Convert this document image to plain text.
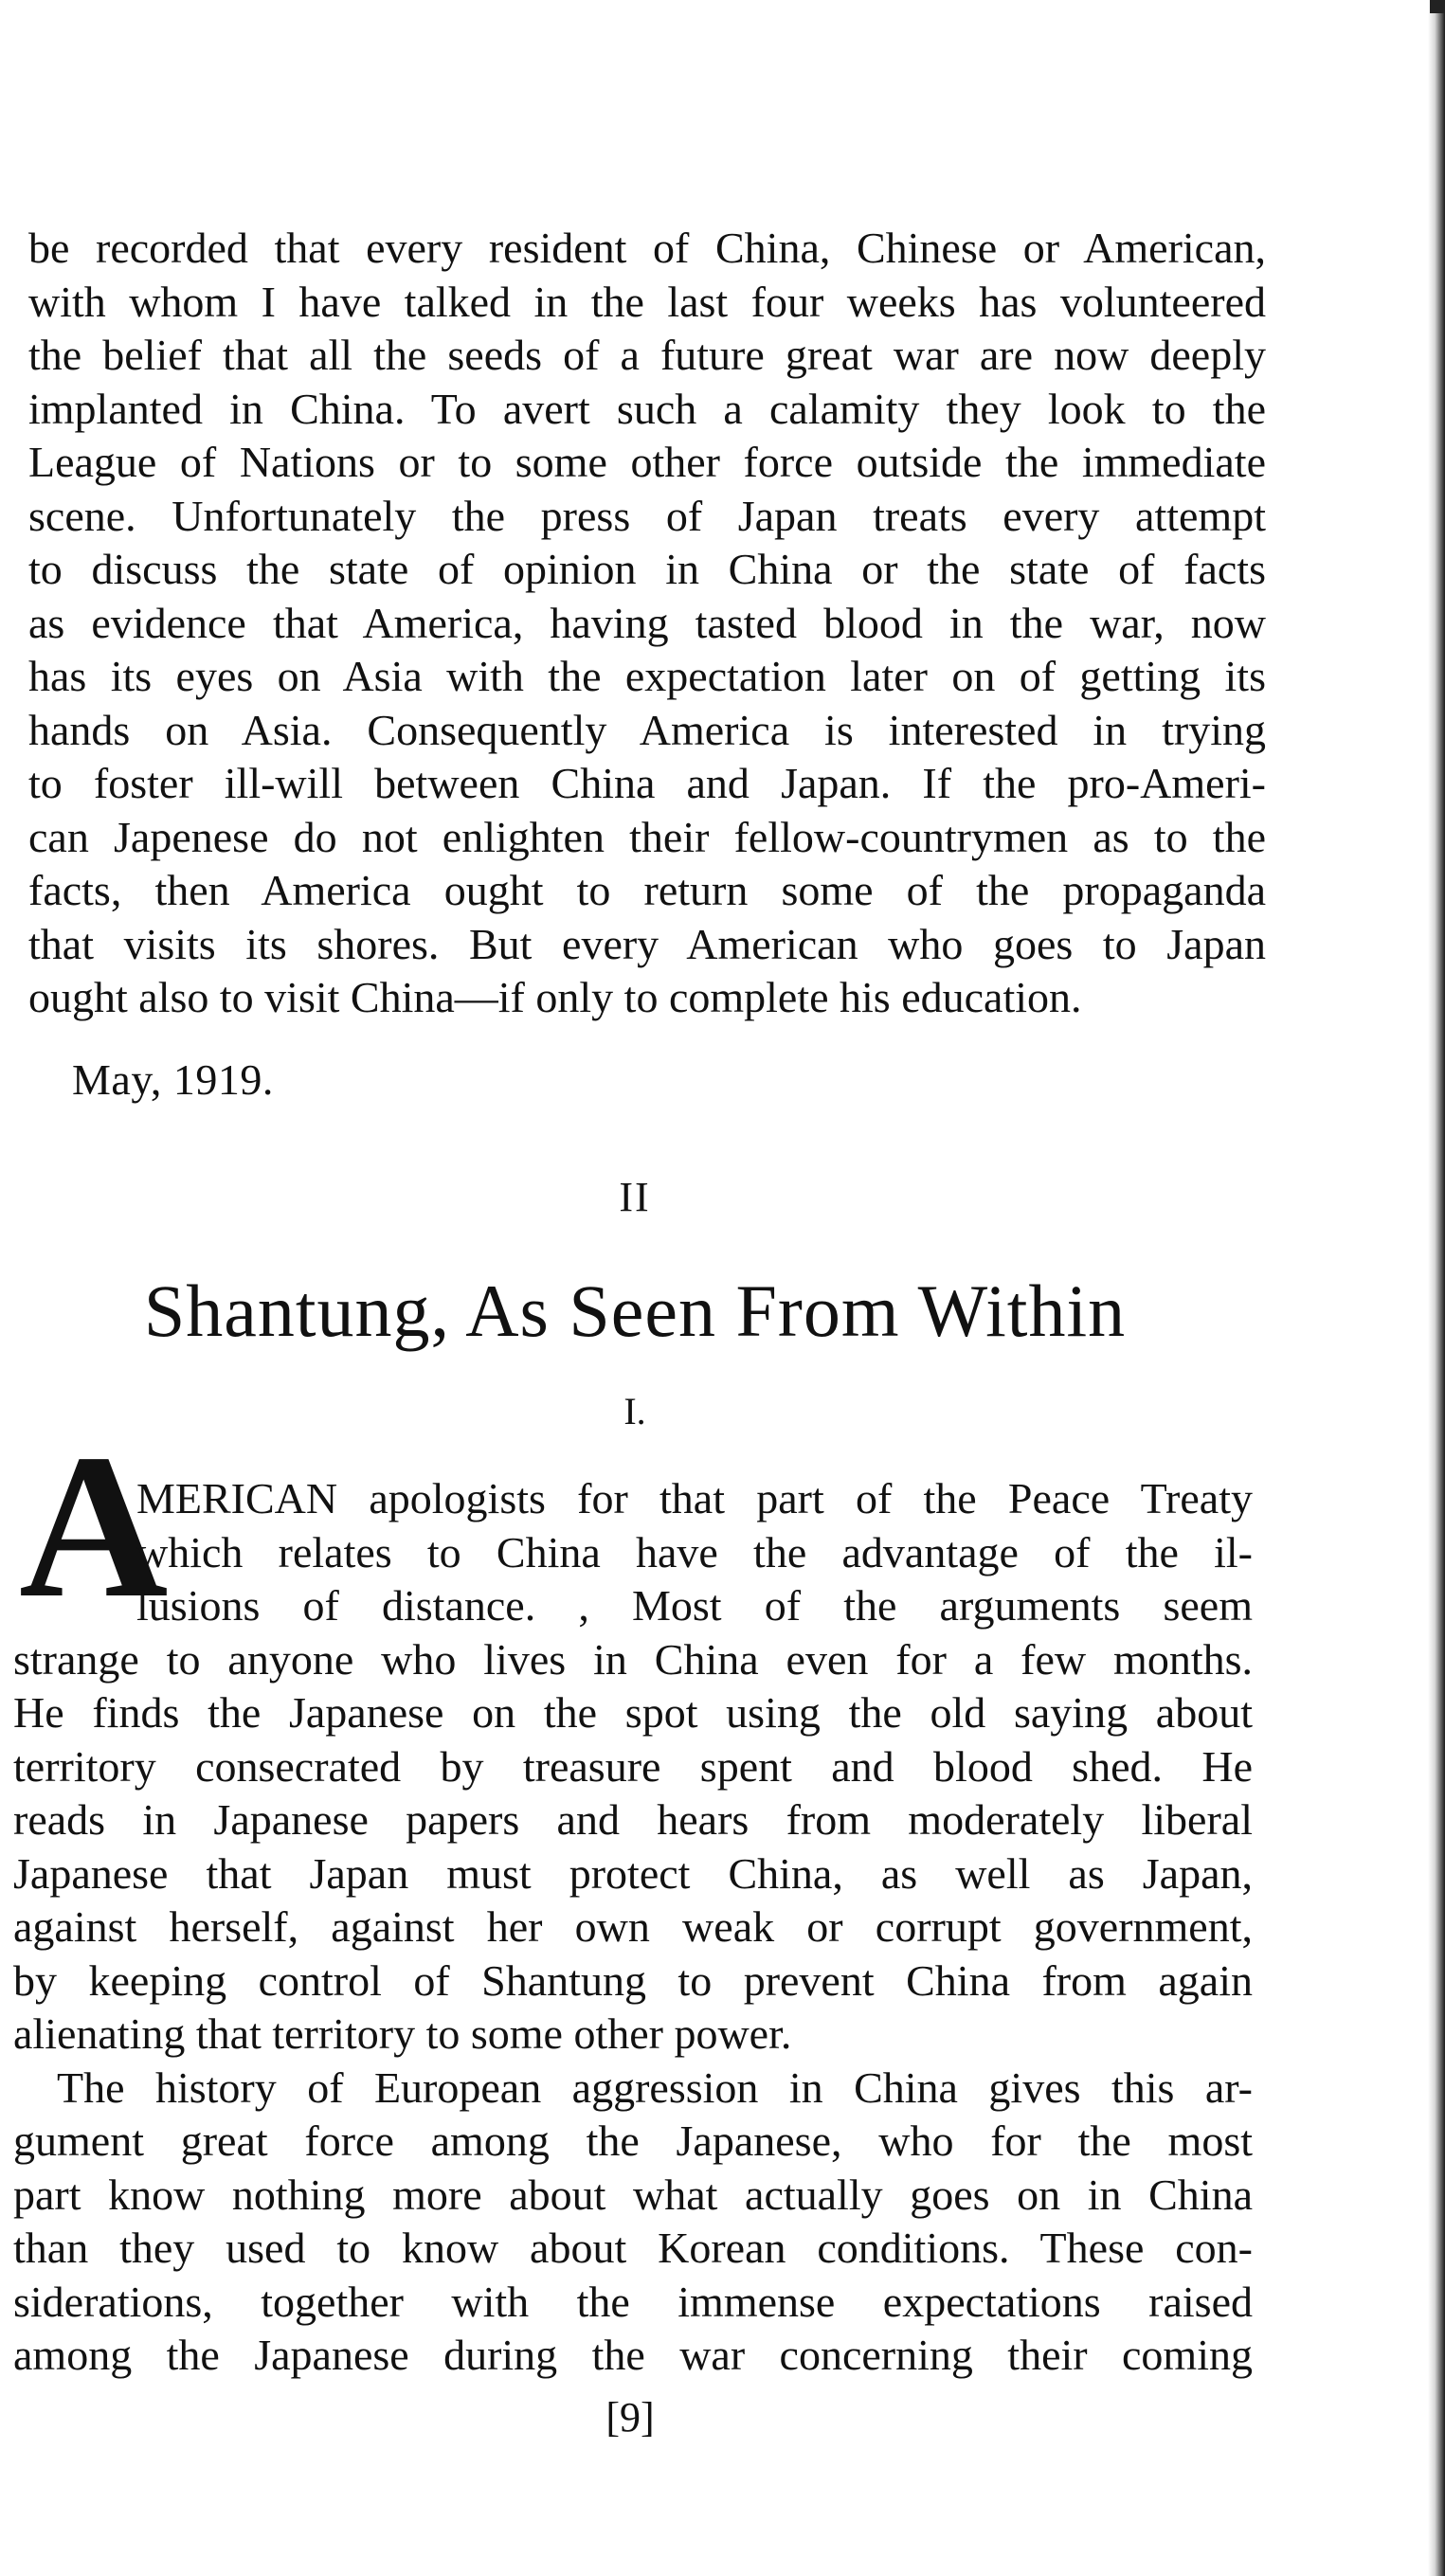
be recorded that every resident of China, Chinese or American,
with whom I have talked in the last four weeks has volunteered
the belief that all the seeds of a future great war are now deeply
implanted in China. To avert such a calamity they look to the
League of Nations or to some other force outside the immediate
scene. Unfortunately the press of Japan treats every attempt
to discuss the state of opinion in China or the state of facts
as evidence that America, having tasted blood in the war, now
has its eyes on Asia with the expectation later on of getting its
hands on Asia. Consequently America is interested in trying
to foster ill-will between China and Japan. If the pro-Ameri-
can Japenese do not enlighten their fellow-countrymen as to the
facts, then America ought to return some of the propaganda
that visits its shores. But every American who goes to Japan
ought also to visit China—if only to complete his education.
May, 1919.
II
Shantung, As Seen From Within
I.
A
MERICAN apologists for that part of the Peace Treaty
which relates to China have the advantage of the il-
lusions of distance. , Most of the arguments seem
strange to anyone who lives in China even for a few months.
He finds the Japanese on the spot using the old saying about
territory consecrated by treasure spent and blood shed. He
reads in Japanese papers and hears from moderately liberal
Japanese that Japan must protect China, as well as Japan,
against herself, against her own weak or corrupt government,
by keeping control of Shantung to prevent China from again
alienating that territory to some other power.
The history of European aggression in China gives this ar-
gument great force among the Japanese, who for the most
part know nothing more about what actually goes on in China
than they used to know about Korean conditions. These con-
siderations, together with the immense expectations raised
among the Japanese during the war concerning their coming
[9]
